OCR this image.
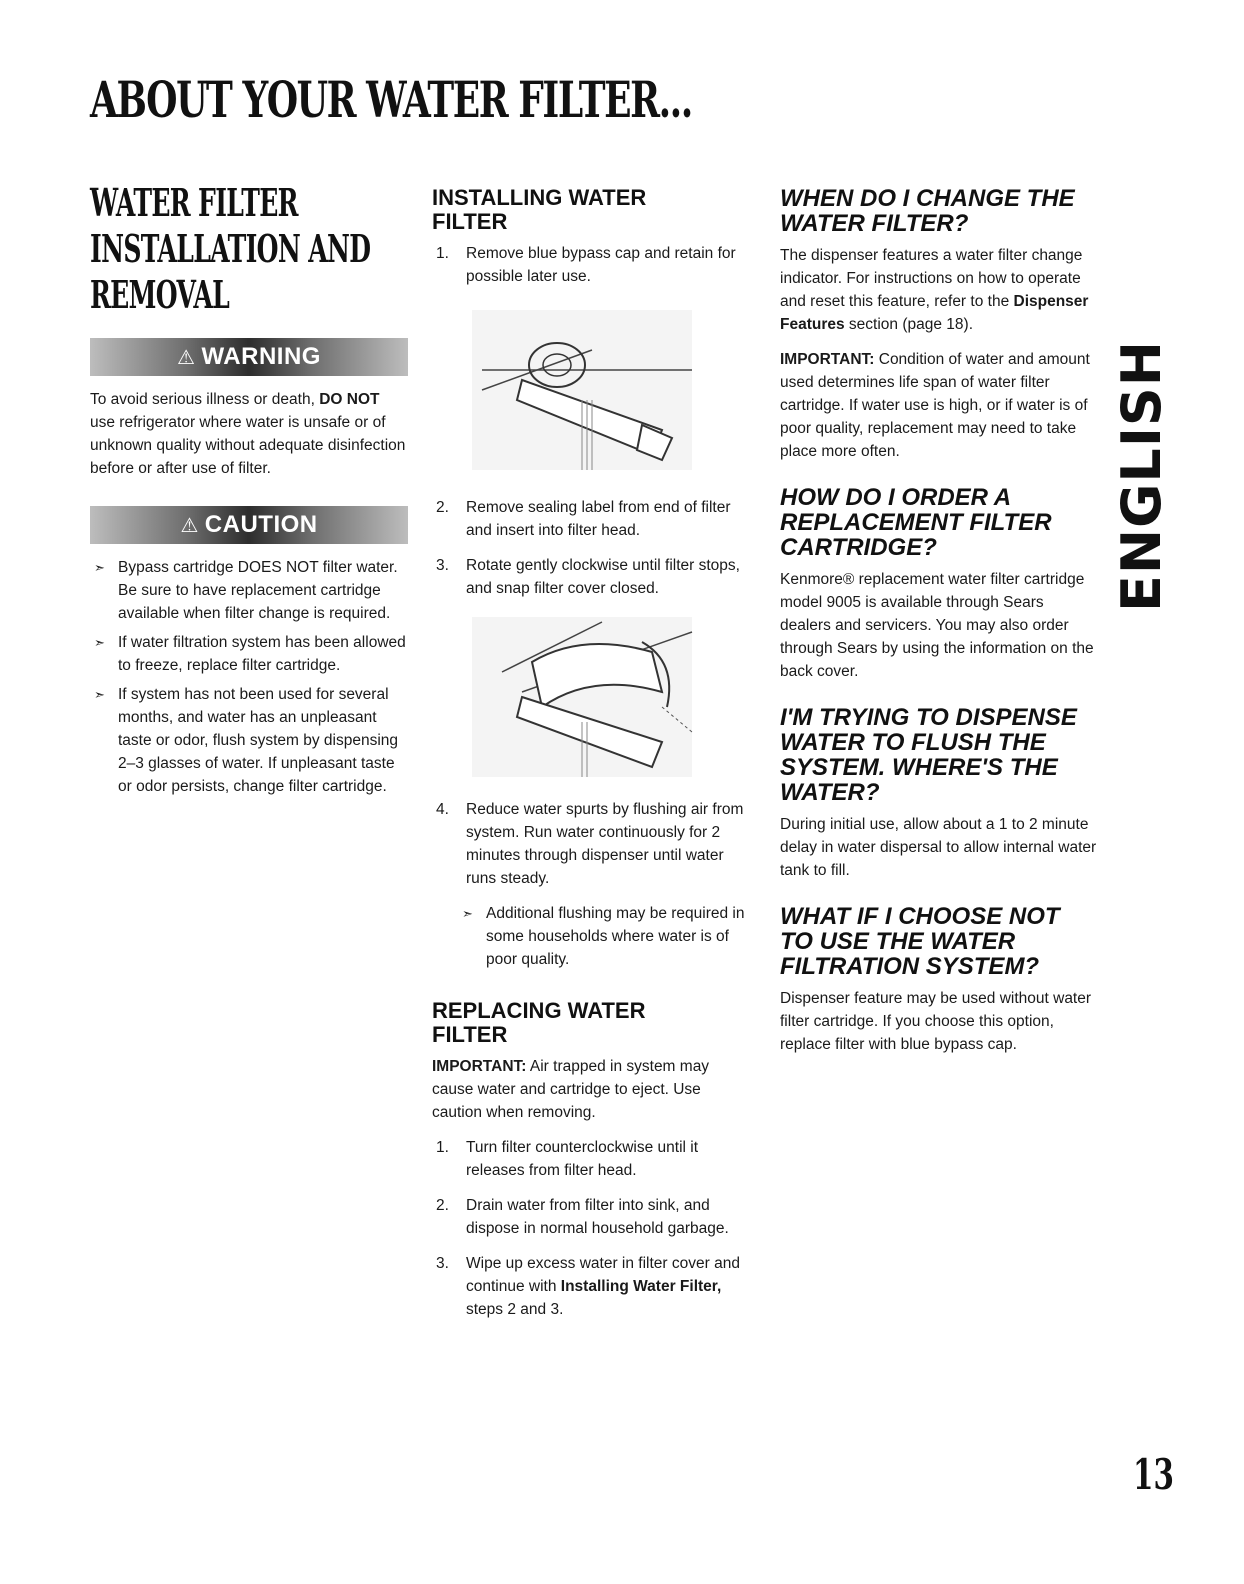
ABOUT YOUR WATER FILTER...
WATER FILTER INSTALLATION AND REMOVAL
⚠ WARNING

To avoid serious illness or death, DO NOT use refrigerator where water is unsafe or of unknown quality without adequate disinfection before or after use of filter.

⚠ CAUTION
➣ Bypass cartridge DOES NOT filter water. Be sure to have replacement cartridge available when filter change is required.
➣ If water filtration system has been allowed to freeze, replace filter cartridge.
➣ If system has not been used for several months, and water has an unpleasant taste or odor, flush system by dispensing 2–3 glasses of water. If unpleasant taste or odor persists, change filter cartridge.
INSTALLING WATER FILTER
1. Remove blue bypass cap and retain for possible later use.
2. Remove sealing label from end of filter and insert into filter head.
3. Rotate gently clockwise until filter stops, and snap filter cover closed.
4. Reduce water spurts by flushing air from system. Run water continuously for 2 minutes through dispenser until water runs steady.

➣ Additional flushing may be required in some households where water is of poor quality.

REPLACING WATER FILTER

IMPORTANT: Air trapped in system may cause water and cartridge to eject. Use caution when removing.

1. Turn filter counterclockwise until it releases from filter head.
2. Drain water from filter into sink, and dispose in normal household garbage.
3. Wipe up excess water in filter cover and continue with Installing Water Filter, steps 2 and 3.
WHEN DO I CHANGE THE WATER FILTER?

The dispenser features a water filter change indicator. For instructions on how to operate and reset this feature, refer to the Dispenser Features section (page 18).

IMPORTANT: Condition of water and amount used determines life span of water filter cartridge. If water use is high, or if water is of poor quality, replacement may need to take place more often.

HOW DO I ORDER A REPLACEMENT FILTER CARTRIDGE?

Kenmore® replacement water filter cartridge model 9005 is available through Sears dealers and servicers. You may also order through Sears by using the information on the back cover.

I'M TRYING TO DISPENSE WATER TO FLUSH THE SYSTEM. WHERE'S THE WATER?

During initial use, allow about a 1 to 2 minute delay in water dispersal to allow internal water tank to fill.

WHAT IF I CHOOSE NOT TO USE THE WATER FILTRATION SYSTEM?

Dispenser feature may be used without water filter cartridge. If you choose this option, replace filter with blue bypass cap.

ENGLISH
13
